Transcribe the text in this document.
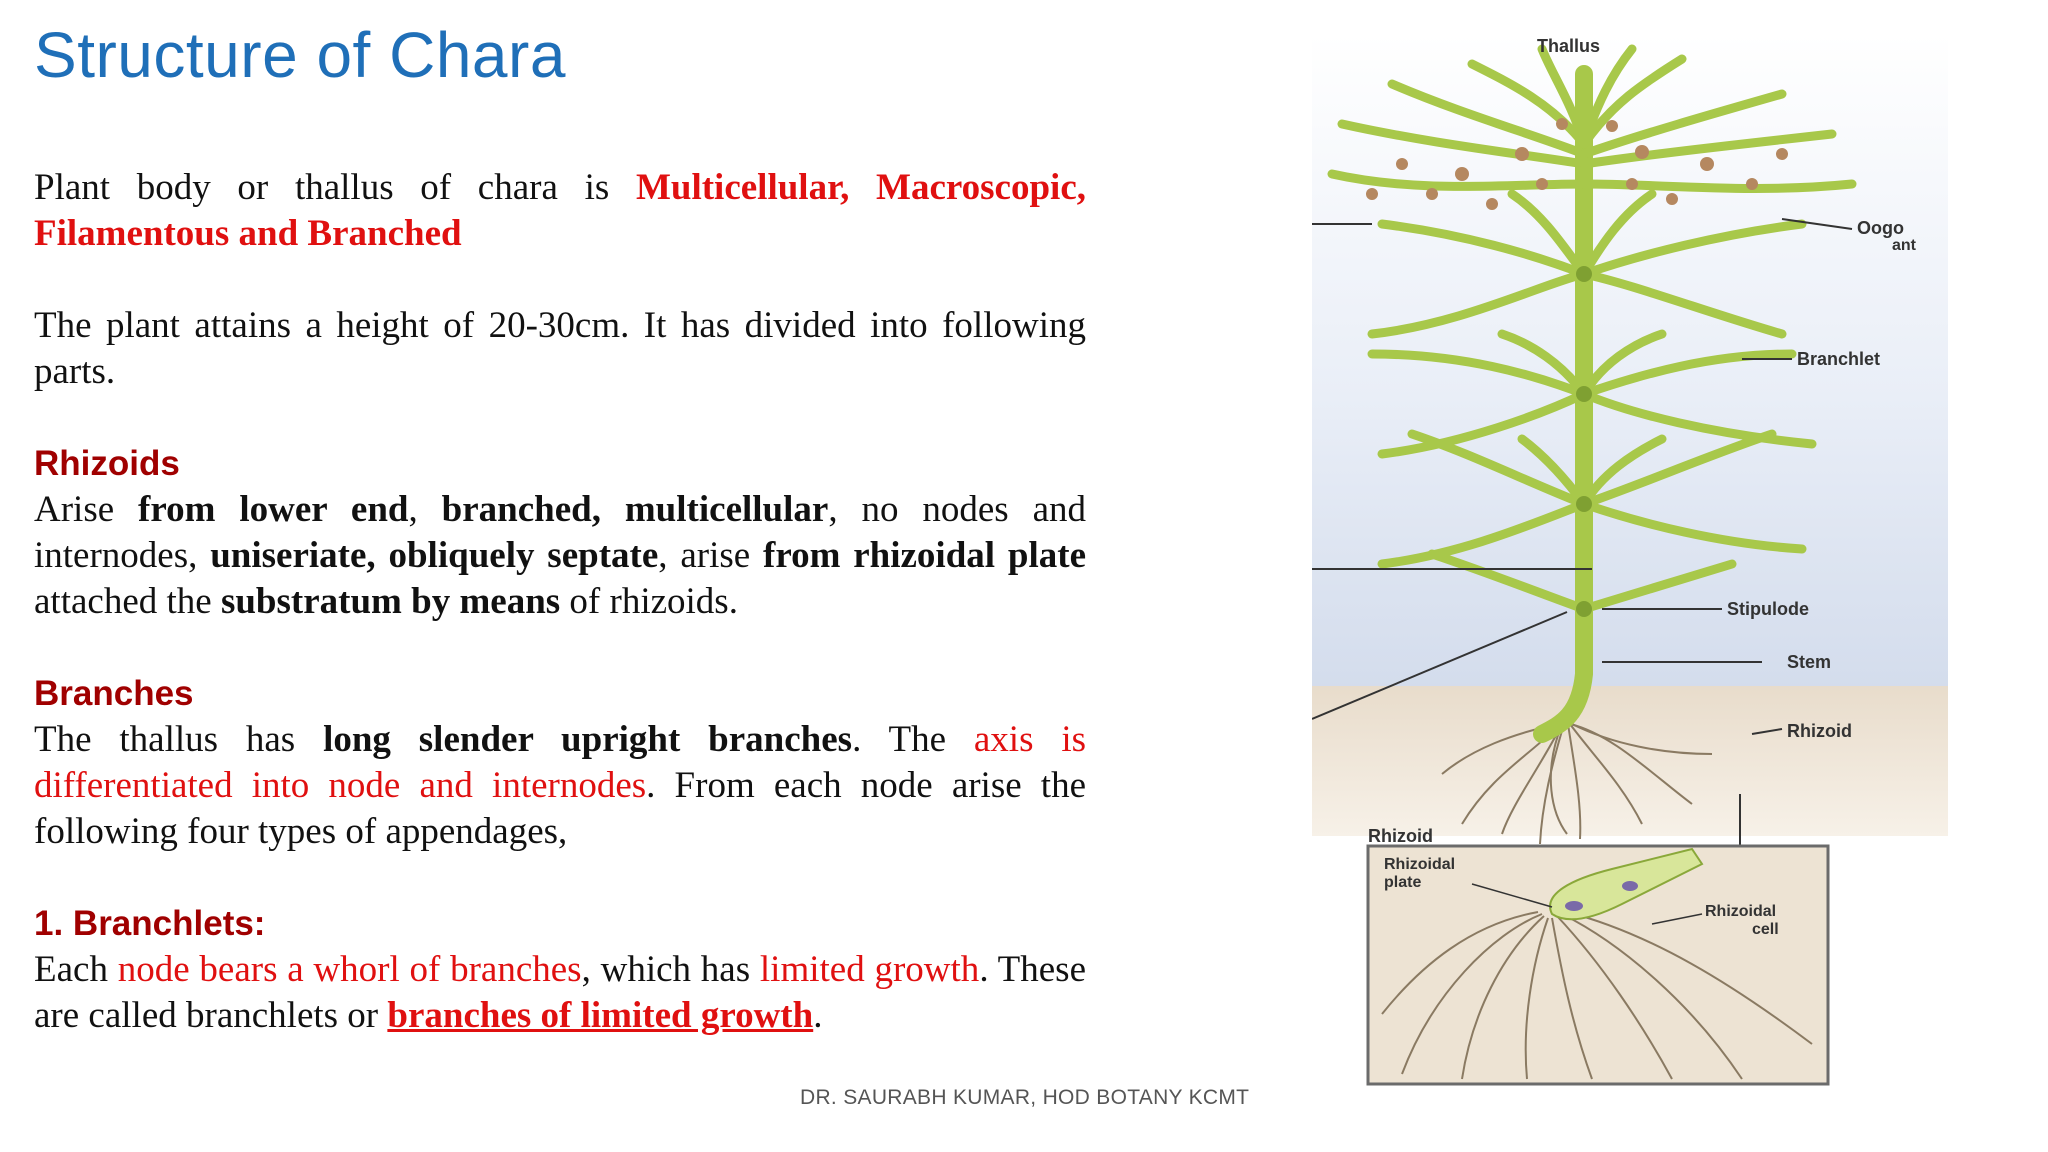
Structure of Chara

Plant body or thallus of chara is Multicellular, Macroscopic, Filamentous and Branched

The plant attains a height of 20-30cm. It has divided into following parts.

Rhizoids

Arise from lower end, branched, multicellular, no nodes and internodes, uniseriate, obliquely septate, arise from rhizoidal plate attached the substratum by means of rhizoids.

Branches

The thallus has long slender upright branches. The axis is differentiated into node and internodes. From each node arise the following four types of appendages,

1. Branchlets:

Each node bears a whorl of branches, which has limited growth. These are called branchlets or branches of limited growth.

DR. SAURABH KUMAR, HOD BOTANY KCMT
Thallus
Oogo
ant
Branchlet
Stipulode
Stem
Rhizoid
Rhizoid
Rhizoidal
plate
Rhizoidal
cell
